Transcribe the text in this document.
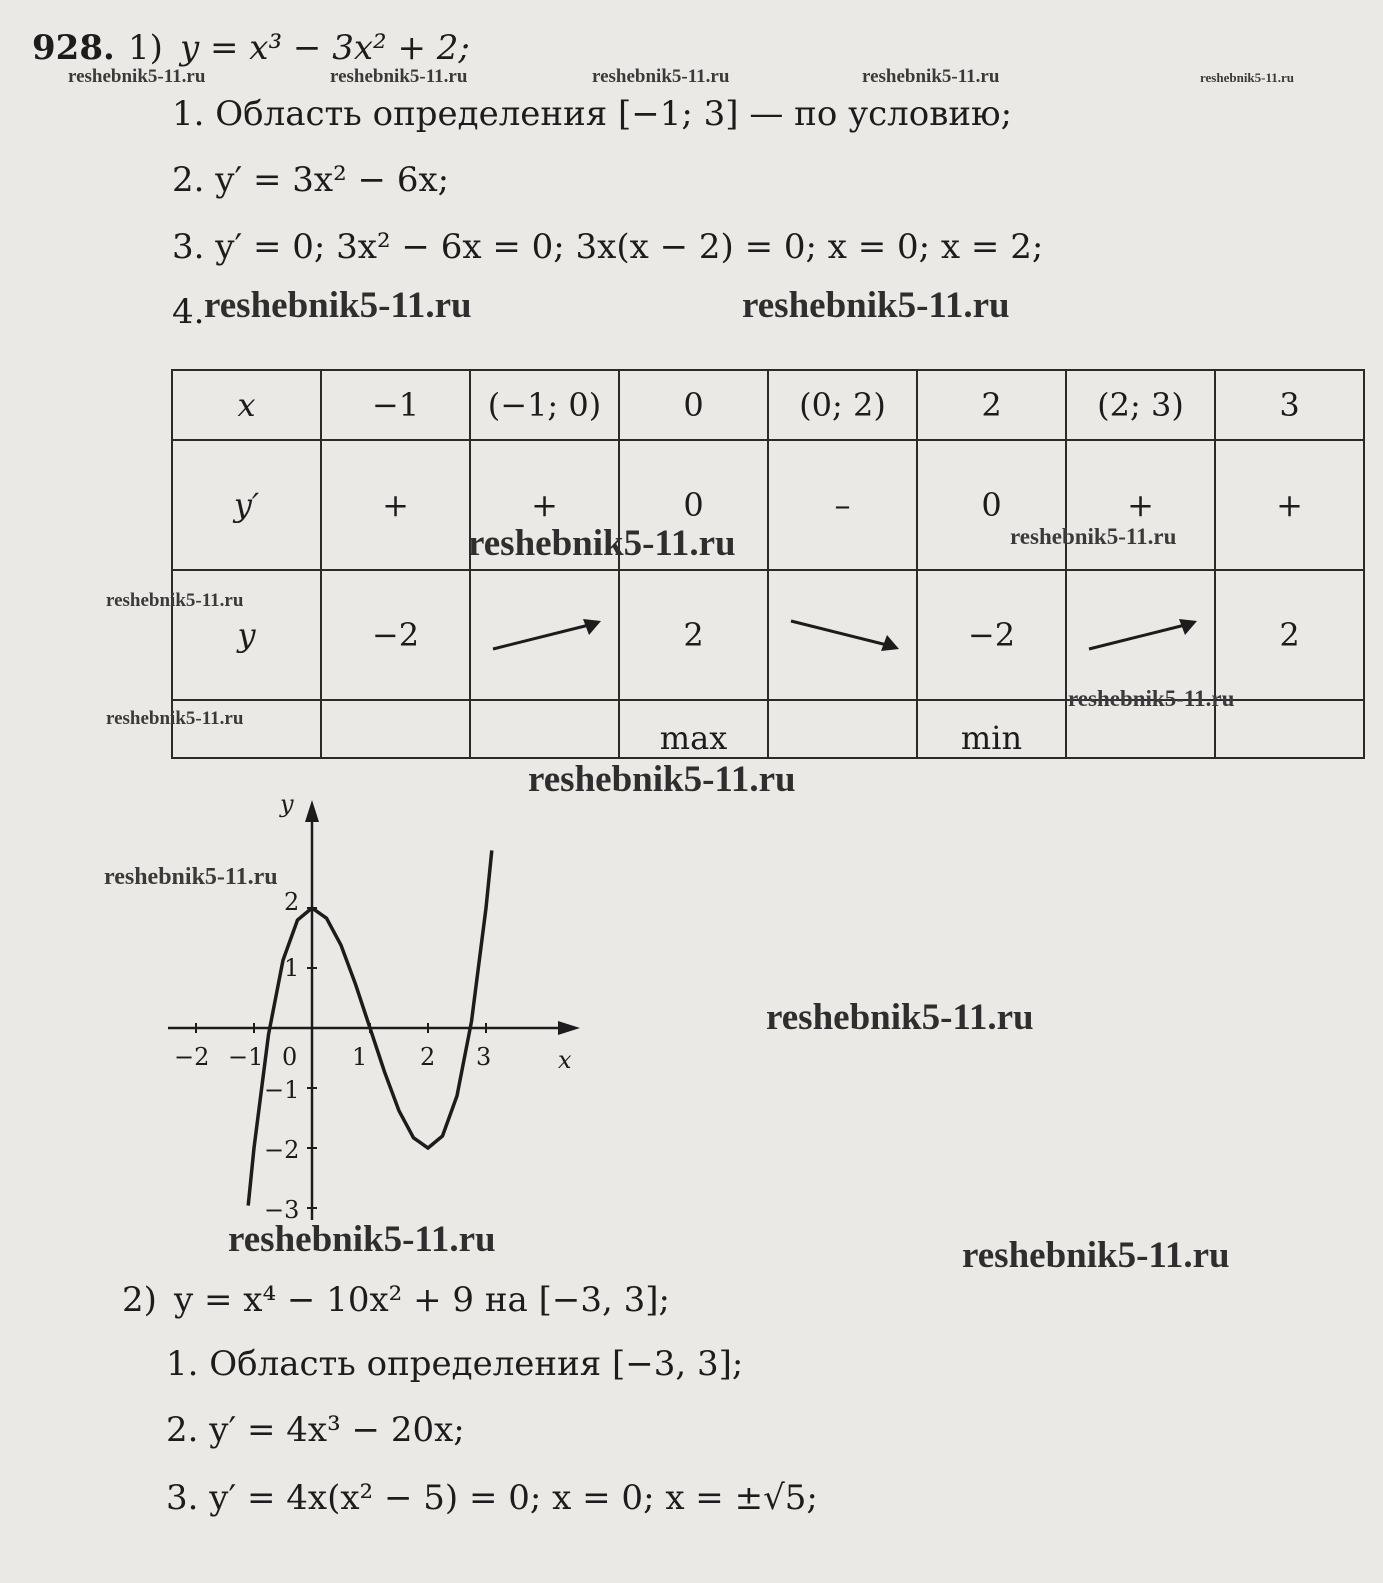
928. 1) y = x³ − 3x² + 2;
1. Область определения [−1; 3] — по условию;
2. y′ = 3x² − 6x;
3. y′ = 0; 3x² − 6x = 0; 3x(x − 2) = 0; x = 0; x = 2;
4.
x	−1	(−1; 0)	0	(0; 2)	2	(2; 3)	3
y′	+	+	0	–	0	+	+
y	−2		2		−2		2
			max		min		
x
y
−2 −1 0 1 2 3
2
1
−1
−2
−3
2) y = x⁴ − 10x² + 9 на [−3, 3];
1. Область определения [−3, 3];
2. y′ = 4x³ − 20x;
3. y′ = 4x(x² − 5) = 0; x = 0; x = ±√5;
reshebnik5-11.ru	reshebnik5-11.ru	reshebnik5-11.ru	reshebnik5-11.ru	reshebnik5-11.ru
reshebnik5-11.ru	reshebnik5-11.ru
reshebnik5-11.ru	reshebnik5-11.ru
reshebnik5-11.ru
reshebnik5-11.ru
reshebnik5-11.ru
reshebnik5-11.ru
reshebnik5-11.ru
reshebnik5-11.ru
reshebnik5-11.ru	reshebnik5-11.ru
